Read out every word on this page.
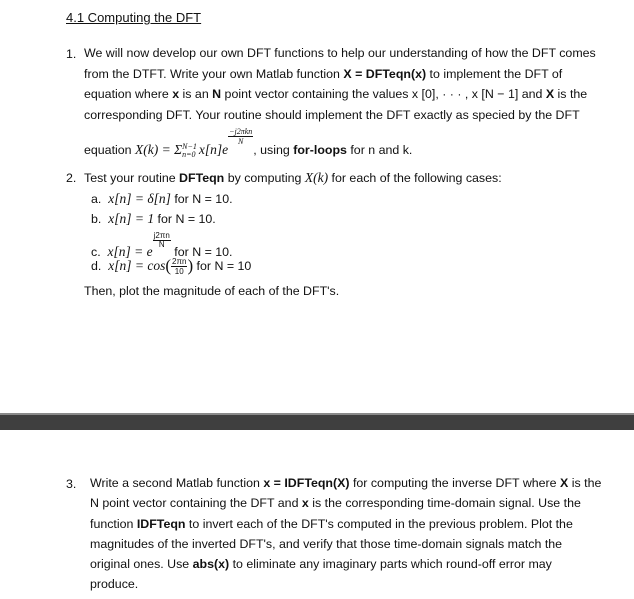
4.1 Computing the DFT
1. We will now develop our own DFT functions to help our understanding of how the DFT comes
from the DTFT. Write your own Matlab function X = DFTeqn(x) to implement the DFT of
equation where x is an N point vector containing the values x [0], · · · , x [N − 1] and X is the
corresponding DFT. Your routine should implement the DFT exactly as specied by the DFT
equation X(k) = Σ N−1
n=0 x[n]e
−j2πkn
N
, using for-loops for n and k.
2. Test your routine DFTeqn by computing X(k) for each of the following cases:
a. x[n] = δ[n] for N = 10.
b. x[n] = 1 for N = 10.
c. x[n] = e
$\frac{j2\pi n}{N}$
for N = 10.
d. $x[n] = \cos( \frac{2\pi n}{10}$ ) for N = 10
Then, plot the magnitude of each of the DFT's.
3. Write a second Matlab function x = IDFTeqn(X) for computing the inverse DFT where X is the
N point vector containing the DFT and x is the corresponding time-domain signal. Use the
function IDFTeqn to invert each of the DFT's computed in the previous problem. Plot the
magnitudes of the inverted DFT's, and verify that those time-domain signals match the
original ones. Use abs(x) to eliminate any imaginary parts which round-off error may
produce.
